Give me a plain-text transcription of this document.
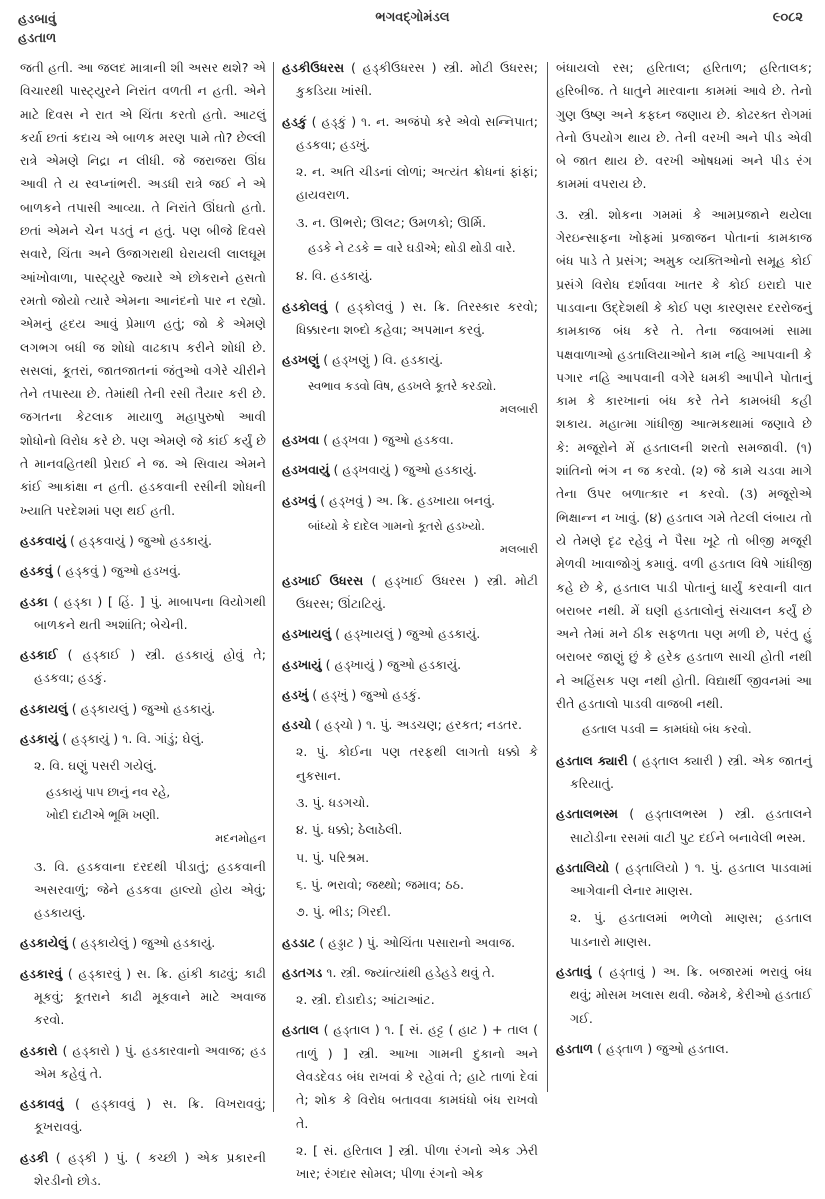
હડબાવું
હડતાળ
ભગવદ્‌ગોમંડલ	૯૦૮૨
જતી હતી. આ જલદ માત્રાની શી અસર થશે? એ વિચારથી પાસ્ટ્યુરને નિરાંત વળતી ન હતી. એને માટે દિવસ ને રાત એ ચિંતા કરતો હતો. આટલું કર્યા છતાં કદાચ એ બાળક મરણ પામે તો? છેલ્લી રાત્રે એમણે નિદ્રા ન લીધી. જે જરાજરા ઊંઘ આવી તે ય સ્વપ્નાંભરી. અડધી રાત્રે જઈ ને એ બાળકને તપાસી આવ્યા. તે નિરાંતે ઊંઘતો હતો. છતાં એમને ચેન પડતું ન હતું. પણ બીજે દિવસે સવારે, ચિંતા અને ઉજાગરાથી ઘેરાયલી લાલઘૂમ આંખોવાળા, પાસ્ટ્યુરે જ્યારે એ છોકરાને હસતો રમતો જોયો ત્યારે એમના આનંદનો પાર ન રહ્યો. એમનું હૃદય આવું પ્રેમાળ હતું; જો કે એમણે લગભગ બધી જ શોધો વાઢકાપ કરીને શોધી છે. સસલાં, કૂતરાં, જાતજાતનાં જંતુઓ વગેરે ચીરીને તેને તપાસ્યા છે. તેમાંથી તેની રસી તૈયાર કરી છે. જગતના કેટલાક માયાળુ મહાપુરુષો આવી શોધોનો વિરોધ કરે છે. પણ એમણે જે કાંઈ કર્યું છે તે માનવહિતથી પ્રેરાઈ ને જ. એ સિવાય એમને કાંઈ આકાંક્ષા ન હતી. હડકવાની રસીની શોધની ખ્યાતિ પરદેશમાં પણ થઈ હતી.
હડકવાયું ( હડ્કવાયું ) જુઓ હડકાયું.
હડકવું ( હડ્કવું ) જુઓ હડખવું.
હડકા ( હડ્કા ) [ હિં. ] પું. માબાપના વિયોગથી બાળકને થતી અશાંતિ; બેચેની.
હડકાઈ ( હડ્કાઈ ) સ્ત્રી. હડકાયું હોવું તે; હડકવા; હડકું.
હડકાયલું ( હડ્કાયલું ) જુઓ હડકાયું.
હડકાયું ( હડ્કાયું ) ૧. વિ. ગાંડું; ઘેલું.
૨. વિ. ઘણું પસરી ગયેલું.
હડકાયું પાપ છાનું નવ રહે,
ખોદી દાટીએ ભૂમિ ખણી.
મદનમોહન
૩. વિ. હડકવાના દરદથી પીડાતું; હડકવાની અસરવાળું; જેને હડકવા હાલ્યો હોય એવું; હડકાયલું.
હડકાયેલું ( હડ્કાયેલું ) જુઓ હડકાયું.
હડકારવું ( હડ્કારવું ) સ. ક્રિ. હાંકી કાઢવું; કાઢી મૂકવું; કૂતરાને કાઢી મૂકવાને માટે અવાજ કરવો.
હડકારો ( હડ્કારો ) પું. હડકારવાનો અવાજ; હડ એમ કહેવું તે.
હડકાવવું ( હડ્કાવવું ) સ. ક્રિ. વિખરાવવું; કૂખરાવવું.
હડકી ( હડ્કી ) પું. ( કચ્છી ) એક પ્રકારની શેરડીનો છોડ.
હડકીઉધરસ ( હડ્કીઉધરસ ) સ્ત્રી. મોટી ઉધરસ; કુકડિયા ખાંસી.
હડકું ( હડ્કું ) ૧. ન. અજંપો કરે એવો સન્નિપાત; હડકવા; હડખું.
૨. ન. અતિ ચીડનાં લોળાં; અત્યંત ક્રોધનાં ફાંફાં; હાયવરાળ.
૩. ન. ઊભરો; ઊલટ; ઉમળકો; ઊર્મિ.
હડકે ને ટડકે = વારે ઘડીએ; થોડી થોડી વારે.
૪. વિ. હડકાયું.
હડકોલવું ( હડ્કોલવું ) સ. ક્રિ. તિરસ્કાર કરવો; ધિક્કારના શબ્દો કહેવા; અપમાન કરવું.
હડખણું ( હડ્ખણું ) વિ. હડકાયું.
સ્વભાવ કડવો વિષ, હડખલે કૂતરે કરડ્યો.
મલબારી
હડખવા ( હડ્ખવા ) જુઓ હડકવા.
હડખવાયું ( હડ્ખવાયું ) જુઓ હડકાયું.
હડખવું ( હડ્ખવું ) અ. ક્રિ. હડખાયા બનવું.
બાંધ્યો કે દાદેલ ગામનો કૂતરો હડખ્યો.
મલબારી
હડખાઈ ઉધરસ ( હડ્ખાઈ ઉધરસ ) સ્ત્રી. મોટી ઉધરસ; ઊંટાટિયું.
હડખાયલું ( હડ્ખાયલું ) જુઓ હડકાયું.
હડખાયું ( હડ્ખાયું ) જુઓ હડકાયું.
હડખું ( હડ્ખું ) જુઓ હડકું.
હડચો ( હડ્ચો ) ૧. પું. અડચણ; હરકત; નડતર.
૨. પું. કોઈના પણ તરફથી લાગતો ધક્કો કે નુકસાન.
૩. પું. ધડગચો.
૪. પું. ધક્કો; ઠેલાઠેલી.
૫. પું. પરિશ્રમ.
૬. પું. ભરાવો; જથ્થો; જમાવ; ઠઠ.
૭. પું. ભીડ; ગિરદી.
હડડાટ ( હડ્ડાટ ) પું. ઓચિંતા પસારાનો અવાજ.
હડતગડ ૧. સ્ત્રી. જ્યાંત્યાંથી હડેહડે થવું તે.
૨. સ્ત્રી. દોડાદોડ; આંટાઆંટ.
હડતાલ ( હડ્તાલ ) ૧. [ સં. હટ્ટ ( હાટ ) + તાલ ( તાળું ) ] સ્ત્રી. આખા ગામની દુકાનો અને લેવડદેવડ બંધ રાખવાં કે રહેવાં તે; હાટે તાળાં દેવાં તે; શોક કે વિરોધ બતાવવા કામધંધો બંધ રાખવો તે.
૨. [ સં. હરિતાલ ] સ્ત્રી. પીળા રંગનો એક ઝેરી ખાર; રંગદાર સોમલ; પીળા રંગનો એક
બંધાયલો રસ; હરિતાલ; હરિતાળ; હરિતાલક; હરિબીજ. તે ધાતુને મારવાના કામમાં આવે છે. તેનો ગુણ ઉષ્ણ અને કફઘ્ન જણાય છે. કોઢરક્ત રોગમાં તેનો ઉપયોગ થાય છે. તેની વરખી અને પીડ એવી બે જાત થાય છે. વરખી ઓષધમાં અને પીડ રંગ કામમાં વપરાય છે.
૩. સ્ત્રી. શોકના ગમમાં કે આમપ્રજાને થયેલા ગેરઇન્સાફના ખોફમાં પ્રજાજન પોતાનાં કામકાજ બંધ પાડે તે પ્રસંગ; અમુક વ્યક્તિઓનો સમૂહ કોઈ પ્રસંગે વિરોધ દર્શાવવા ખાતર કે કોઈ ઇરાદો પાર પાડવાના ઉદ્દેશથી કે કોઈ પણ કારણસર દરરોજનું કામકાજ બંધ કરે તે. તેના જવાબમાં સામા પક્ષવાળાઓ હડતાલિયાઓને કામ નહિ આપવાની કે પગાર નહિ આપવાની વગેરે ધમકી આપીને પોતાનું કામ કે કારખાનાં બંધ કરે તેને કામબંધી કહી શકાય. મહાત્મા ગાંધીજી આત્મકથામાં જણાવે છે કે: મજૂરોને મેં હડતાલની શરતો સમજાવી. (૧) શાંતિનો ભંગ ન જ કરવો. (૨) જે કામે ચડવા માગે તેના ઉપર બળાત્કાર ન કરવો. (૩) મજૂરોએ ભિક્ષાન્ન ન ખાવું. (૪) હડતાલ ગમે તેટલી લંબાય તો યે તેમણે દૃઢ રહેવું ને પૈસા ખૂટે તો બીજી મજૂરી મેળવી ખાવાજોગું કમાવું. વળી હડતાલ વિષે ગાંધીજી કહે છે કે, હડતાલ પાડી પોતાનું ધાર્યું કરવાની વાત બરાબર નથી. મેં ઘણી હડતાલોનું સંચાલન કર્યું છે અને તેમાં મને ઠીક સફળતા પણ મળી છે, પરંતુ હું બરાબર જાણું છું કે હરેક હડતાળ સાચી હોતી નથી ને અહિંસક પણ નથી હોતી. વિદ્યાર્થી જીવનમાં આ રીતે હડતાલો પાડવી વાજબી નથી.
હડતાલ પડવી = કામધંધો બંધ કરવો.
હડતાલ ક્યારી ( હડ્તાલ ક્યારી ) સ્ત્રી. એક જાતનું કરિયાતું.
હડતાલભસ્મ ( હડ્તાલભસ્મ ) સ્ત્રી. હડતાલને સાટોડીના રસમાં વાટી પુટ દઈને બનાવેલી ભસ્મ.
હડતાલિયો ( હડ્તાલિયો ) ૧. પું. હડતાલ પાડવામાં આગેવાની લેનાર માણસ.
૨. પું. હડતાલમાં ભળેલો માણસ; હડતાલ પાડનારો માણસ.
હડતાવું ( હડ્તાવું ) અ. ક્રિ. બજારમાં ભરાવું બંધ થવું; મોસમ ખલાસ થવી. જેમકે, કેરીઓ હડતાઈ ગઈ.
હડતાળ ( હડ્તાળ ) જુઓ હડતાલ.
